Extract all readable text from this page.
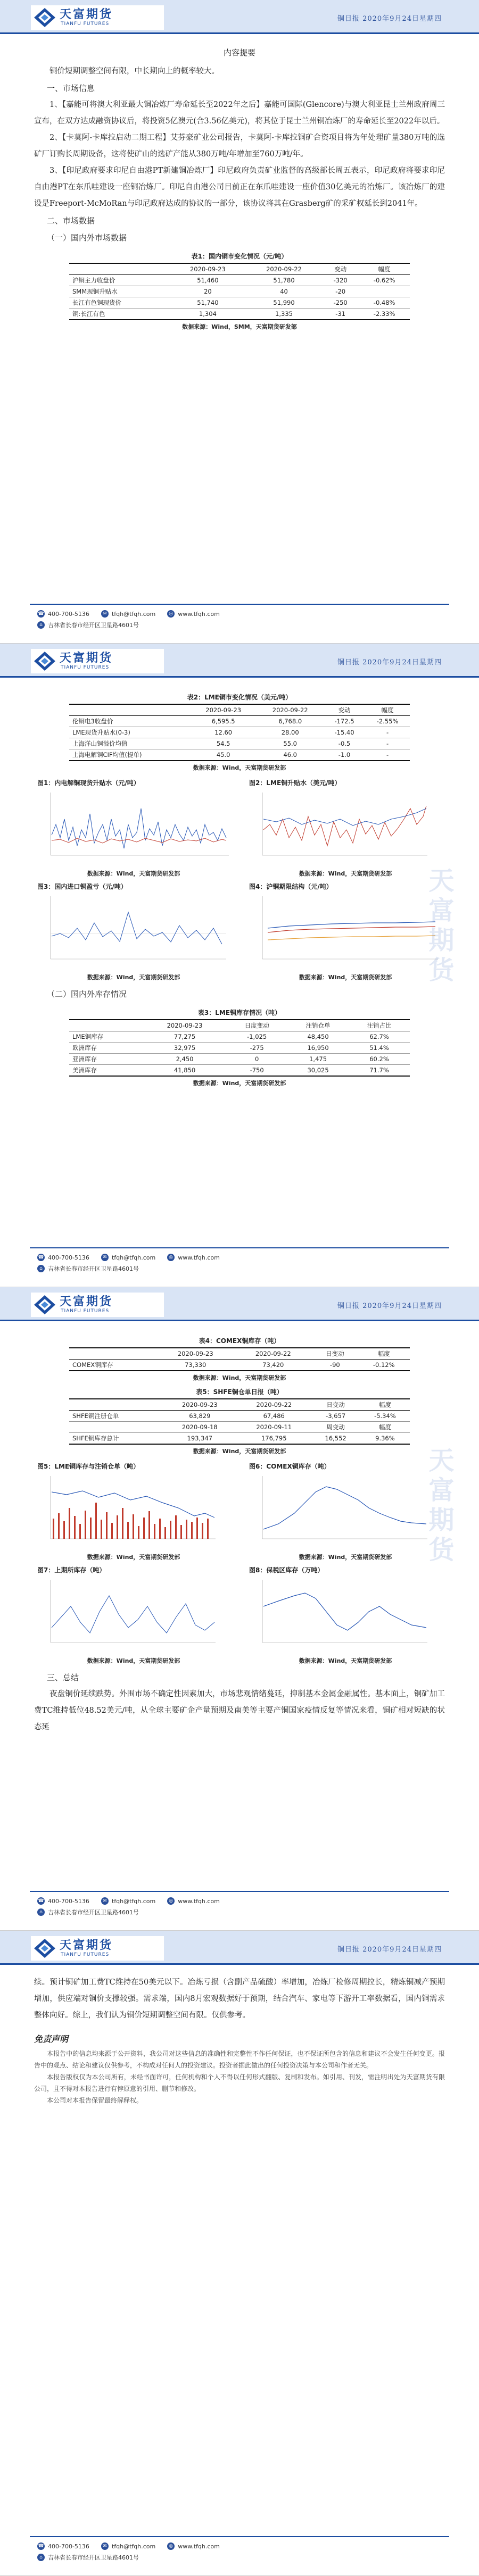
天富期货
TIANFU FUTURES
铜日报 2020年9月24日星期四
内容提要
铜价短期调整空间有限，中长期向上的概率较大。
一、市场信息
1、【嘉能可将澳大利亚最大铜冶炼厂寿命延长至2022年之后】嘉能可国际(Glencore)与澳大利亚昆士兰州政府周三宣布，在双方达成融资协议后，将投资5亿澳元(合3.56亿美元)，将其位于昆士兰州铜冶炼厂的寿命延长至2022年以后。
2、【卡莫阿-卡库拉启动二期工程】艾芬豪矿业公司报告，卡莫阿-卡库拉铜矿合资项目将为年处理矿量380万吨的选矿厂订购长周期设备，这将使矿山的选矿产能从380万吨/年增加至760万吨/年。
3、【印尼政府要求印尼自由港PT新建铜冶炼厂】印尼政府负责矿业监督的高级部长周五表示，印尼政府将要求印尼自由港PT在东爪哇建设一座铜冶炼厂。印尼自由港公司目前正在东爪哇建设一座价值30亿美元的冶炼厂。该冶炼厂的建设是Freeport-McMoRan与印尼政府达成的协议的一部分，该协议将其在Grasberg矿的采矿权延长到2041年。
二、市场数据
（一）国内外市场数据
表1：国内铜市变化情况（元/吨）
	2020-09-23	2020-09-22	变动	幅度
沪铜主力收盘价	51,460	51,780	-320	-0.62%
SMM现铜升贴水	20	40	-20	
长江有色铜现货价	51,740	51,990	-250	-0.48%
铜:长江有色	1,304	1,335	-31	-2.33%
数据来源：Wind，SMM，天富期货研发部
☎ 400-700-5136	✉ tfqh@tfqh.com	◎ www.tfqh.com
⌂ 吉林省长春市经开区卫星路4601号
天富期货
TIANFU FUTURES
铜日报 2020年9月24日星期四
天富期货
表2：LME铜市变化情况（美元/吨）
	2020-09-23	2020-09-22	变动	幅度
伦铜电3收盘价	6,595.5	6,768.0	-172.5	-2.55%
LME现货升贴水(0-3)	12.60	28.00	-15.40	-
上海洋山铜溢价均值	54.5	55.0	-0.5	-
上海电解铜CIF均值(提单)	45.0	46.0	-1.0	-
数据来源：Wind，天富期货研发部
图1：内电解铜现货升贴水（元/吨）
数据来源：Wind，天富期货研发部
图2：LME铜升贴水（美元/吨）
数据来源：Wind，天富期货研发部
图3：国内进口铜盈亏（元/吨）
数据来源：Wind，天富期货研发部
图4：沪铜期限结构（元/吨）
数据来源：Wind，天富期货研发部
（二）国内外库存情况
表3：LME铜库存情况（吨）
	2020-09-23	日度变动	注销仓单	注销占比
LME铜库存	77,275	-1,025	48,450	62.7%
欧洲库存	32,975	-275	16,950	51.4%
亚洲库存	2,450	0	1,475	60.2%
美洲库存	41,850	-750	30,025	71.7%
数据来源：Wind，天富期货研发部
☎ 400-700-5136	✉ tfqh@tfqh.com	◎ www.tfqh.com
⌂ 吉林省长春市经开区卫星路4601号
天富期货
TIANFU FUTURES
铜日报 2020年9月24日星期四
天富期货
表4：COMEX铜库存（吨）
	2020-09-23	2020-09-22	日变动	幅度
COMEX铜库存	73,330	73,420	-90	-0.12%
数据来源：Wind，天富期货研发部
表5：SHFE铜仓单日报（吨）
	2020-09-23	2020-09-22	日变动	幅度
SHFE铜注册仓单	63,829	67,486	-3,657	-5.34%
	2020-09-18	2020-09-11	周变动	幅度
SHFE铜库存总计	193,347	176,795	16,552	9.36%
数据来源：Wind，天富期货研发部
图5：LME铜库存与注销仓单（吨）
数据来源：Wind，天富期货研发部
图6：COMEX铜库存（吨）
数据来源：Wind，天富期货研发部
图7：上期所库存（吨）
数据来源：Wind，天富期货研发部
图8：保税区库存（万吨）
数据来源：Wind，天富期货研发部
三、总结
夜盘铜价延续跌势。外围市场不确定性因素加大，市场悲观情绪蔓延，抑制基本金属金融属性。基本面上，铜矿加工费TC维持低位48.52美元/吨，从全球主要矿企产量预期及南美等主要产铜国家疫情反复等情况来看，铜矿相对短缺的状态延
☎ 400-700-5136	✉ tfqh@tfqh.com	◎ www.tfqh.com
⌂ 吉林省长春市经开区卫星路4601号
天富期货
TIANFU FUTURES
铜日报 2020年9月24日星期四
续。预计铜矿加工费TC维持在50美元以下。冶炼亏损（含副产品硫酸）率增加，冶炼厂检修周期拉长，精炼铜减产预期增加，供应端对铜价支撑较强。需求端，国内8月宏观数据好于预期，结合汽车、家电等下游开工率数据看，国内铜需求整体向好。综上，我们认为铜价短期调整空间有限。仅供参考。
免责声明
本报告中的信息均来源于公开资料，我公司对这些信息的准确性和完整性不作任何保证，也不保证所包含的信息和建议不会发生任何变更。报告中的观点、结论和建议仅供参考，不构成对任何人的投资建议。投资者据此做出的任何投资决策与本公司和作者无关。
本报告版权仅为本公司所有，未经书面许可，任何机构和个人不得以任何形式翻版、复制和发布。如引用、刊发，需注明出处为天富期货有限公司，且不得对本报告进行有悖原意的引用、删节和修改。
本公司对本报告保留最终解释权。
☎ 400-700-5136	✉ tfqh@tfqh.com	◎ www.tfqh.com
⌂ 吉林省长春市经开区卫星路4601号
